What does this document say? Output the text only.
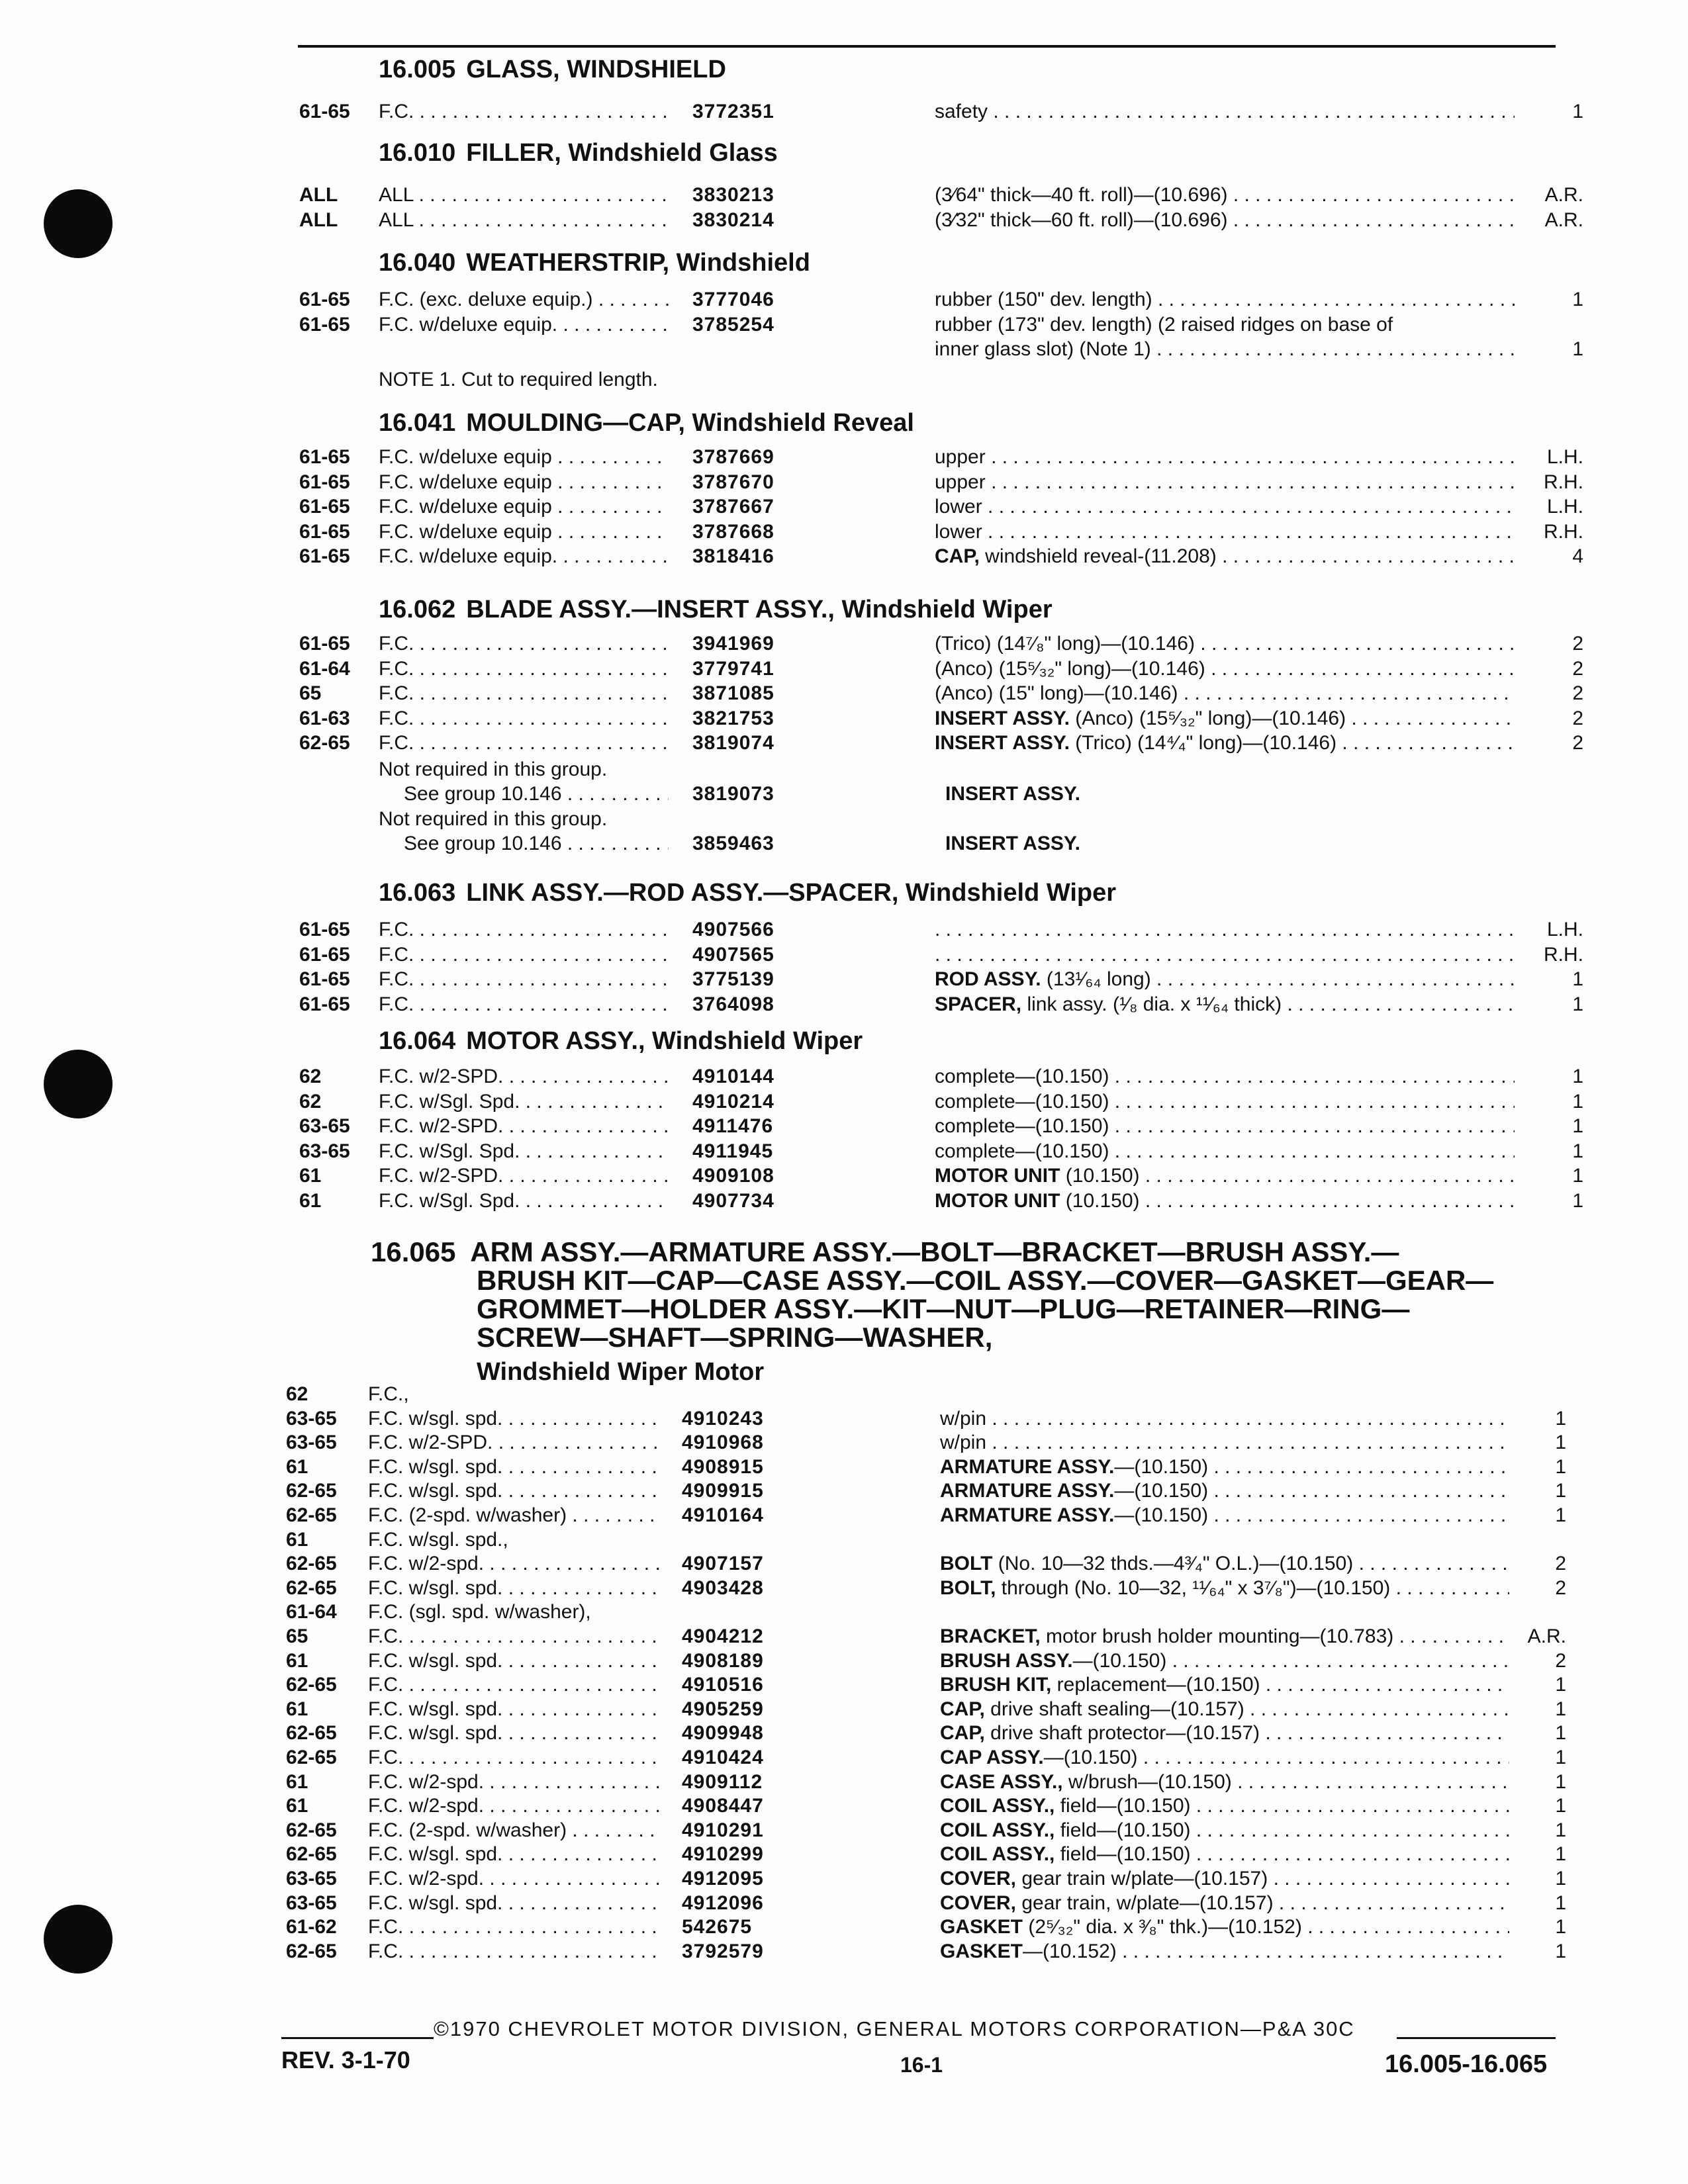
16.005 GLASS, WINDSHIELD
61-65 F.C. . . .	3772351	safety . . .	1
16.010 FILLER, Windshield Glass
ALL ALL . . .	3830213	(3⁄64" thick—40 ft. roll)—(10.696) . . .	A.R.
ALL ALL . . .	3830214	(3⁄32" thick—60 ft. roll)—(10.696) . . .	A.R.
16.040 WEATHERSTRIP, Windshield
61-65 F.C. (exc. deluxe equip.) . . .	3777046	rubber (150" dev. length) . . .	1
61-65 F.C. w/deluxe equip. . . .	3785254	rubber (173" dev. length) (2 raised ridges on base of
inner glass slot) (Note 1) . . .	1
NOTE 1. Cut to required length.
16.041 MOULDING—CAP, Windshield Reveal
61-65 F.C. w/deluxe equip . . .	3787669	upper . . .	L.H.
61-65 F.C. w/deluxe equip . . .	3787670	upper . . .	R.H.
61-65 F.C. w/deluxe equip . . .	3787667	lower . . .	L.H.
61-65 F.C. w/deluxe equip . . .	3787668	lower . . .	R.H.
61-65 F.C. w/deluxe equip. . . .	3818416	CAP, windshield reveal-(11.208) . . .	4
16.062 BLADE ASSY.—INSERT ASSY., Windshield Wiper
61-65 F.C. . . .	3941969	(Trico) (14⁷⁄₈" long)—(10.146) . . .	2
61-64 F.C. . . .	3779741	(Anco) (15⁵⁄₃₂" long)—(10.146) . . .	2
65	F.C. . . .	3871085	(Anco) (15" long)—(10.146) . . .	2
61-63 F.C. . . .	3821753	INSERT ASSY. (Anco) (15⁵⁄₃₂" long)—(10.146) . . .	2
62-65 F.C. . . .	3819074	INSERT ASSY. (Trico) (14⁴⁄₄" long)—(10.146) . . .	2
Not required in this group.
See group 10.146 . . .	3819073	INSERT ASSY.
Not required in this group.
See group 10.146 . . .	3859463	INSERT ASSY.
16.063 LINK ASSY.—ROD ASSY.—SPACER, Windshield Wiper
61-65 F.C. . . .	4907566 . . .	L.H.
61-65 F.C. . . .	4907565 . . .	R.H.
61-65 F.C. . . .	3775139	ROD ASSY. (13¹⁄₆₄ long) . . .	1
61-65 F.C. . . .	3764098	SPACER, link assy. (¹⁄₈ dia. x ¹¹⁄₆₄ thick) . . .	1
16.064 MOTOR ASSY., Windshield Wiper
62	F.C. w/2-SPD. . . .	4910144	complete—(10.150) . . .	1
62	F.C. w/Sgl. Spd. . . .	4910214	complete—(10.150) . . .	1
63-65 F.C. w/2-SPD. . . .	4911476	complete—(10.150) . . .	1
63-65 F.C. w/Sgl. Spd. . . .	4911945	complete—(10.150) . . .	1
61	F.C. w/2-SPD. . . .	4909108	MOTOR UNIT (10.150) . . .	1
61	F.C. w/Sgl. Spd. . . .	4907734	MOTOR UNIT (10.150) . . .	1
62	F.C.,
63-65 F.C. w/sgl. spd. . . .	4910243	w/pin . . .	1
63-65 F.C. w/2-SPD. . . .	4910968	w/pin . . .	1
61	F.C. w/sgl. spd. . . .	4908915	ARMATURE ASSY.—(10.150) . . .	1
62-65 F.C. w/sgl. spd. . . .	4909915	ARMATURE ASSY.—(10.150) . . .	1
62-65 F.C. (2-spd. w/washer) . . .	4910164	ARMATURE ASSY.—(10.150) . . .	1
61	F.C. w/sgl. spd.,
62-65 F.C. w/2-spd. . . .	4907157	BOLT (No. 10—32 thds.—4³⁄₄" O.L.)—(10.150) . . .	2
62-65 F.C. w/sgl. spd. . . .	4903428	BOLT, through (No. 10—32, ¹¹⁄₆₄" x 3⁷⁄₈")—(10.150) . . .	2
61-64 F.C. (sgl. spd. w/washer),
65	F.C. . . .	4904212	BRACKET, motor brush holder mounting—(10.783) . . .	A.R.
61	F.C. w/sgl. spd. . . .	4908189	BRUSH ASSY.—(10.150) . . .	2
62-65 F.C. . . .	4910516	BRUSH KIT, replacement—(10.150) . . .	1
61	F.C. w/sgl. spd. . . .	4905259	CAP, drive shaft sealing—(10.157) . . .	1
62-65 F.C. w/sgl. spd. . . .	4909948	CAP, drive shaft protector—(10.157) . . .	1
62-65 F.C. . . .	4910424	CAP ASSY.—(10.150) . . .	1
61	F.C. w/2-spd. . . .	4909112	CASE ASSY., w/brush—(10.150) . . .	1
61	F.C. w/2-spd. . . .	4908447	COIL ASSY., field—(10.150) . . .	1
62-65 F.C. (2-spd. w/washer) . . .	4910291	COIL ASSY., field—(10.150) . . .	1
62-65 F.C. w/sgl. spd. . . .	4910299	COIL ASSY., field—(10.150) . . .	1
63-65 F.C. w/2-spd. . . .	4912095	COVER, gear train w/plate—(10.157) . . .	1
63-65 F.C. w/sgl. spd. . . .	4912096	COVER, gear train, w/plate—(10.157) . . .	1
61-62 F.C. . . .	542675	GASKET (2⁵⁄₃₂" dia. x ³⁄₈" thk.)—(10.152) . . .	1
62-65 F.C. . . .	3792579	GASKET—(10.152) . . .	1
16.065 ARM ASSY.—ARMATURE ASSY.—BOLT—BRACKET—BRUSH ASSY.—
BRUSH KIT—CAP—CASE ASSY.—COIL ASSY.—COVER—GASKET—GEAR—
GROMMET—HOLDER ASSY.—KIT—NUT—PLUG—RETAINER—RING—
SCREW—SHAFT—SPRING—WASHER,
Windshield Wiper Motor
©1970 CHEVROLET MOTOR DIVISION, GENERAL MOTORS CORPORATION—P&A 30C
REV. 3-1-70	16-1	16.005-16.065
